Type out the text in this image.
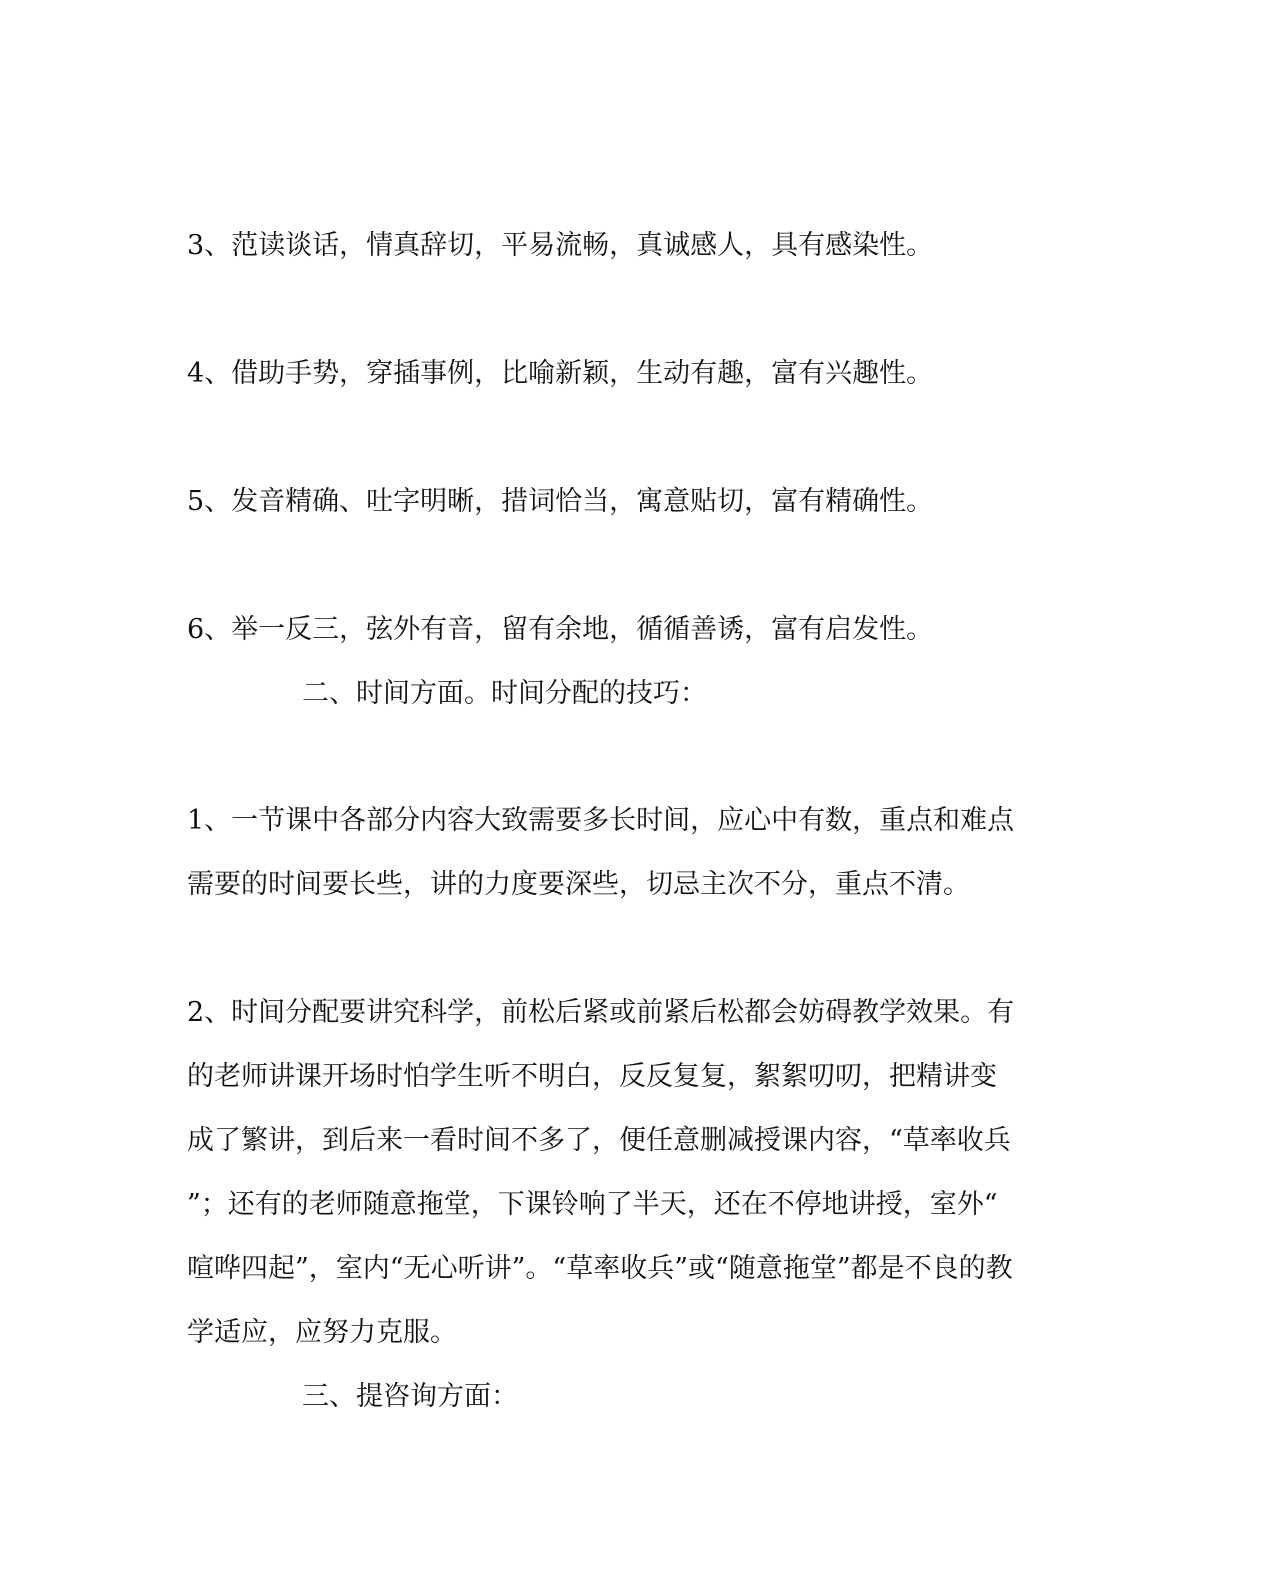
3、范读谈话，情真辞切，平易流畅，真诚感人，具有感染性。

4、借助手势，穿插事例，比喻新颖，生动有趣，富有兴趣性。

5、发音精确、吐字明晰，措词恰当，寓意贴切，富有精确性。

6、举一反三，弦外有音，留有余地，循循善诱，富有启发性。

二、时间方面。时间分配的技巧：

1、一节课中各部分内容大致需要多长时间，应心中有数，重点和难点

需要的时间要长些，讲的力度要深些，切忌主次不分，重点不清。

2、时间分配要讲究科学，前松后紧或前紧后松都会妨碍教学效果。有

的老师讲课开场时怕学生听不明白，反反复复，絮絮叨叨，把精讲变

成了繁讲，到后来一看时间不多了，便任意删减授课内容，“草率收兵

”；还有的老师随意拖堂，下课铃响了半天，还在不停地讲授，室外“

喧哗四起”，室内“无心听讲”。“草率收兵”或“随意拖堂”都是不良的教

学适应，应努力克服。

三、提咨询方面：
